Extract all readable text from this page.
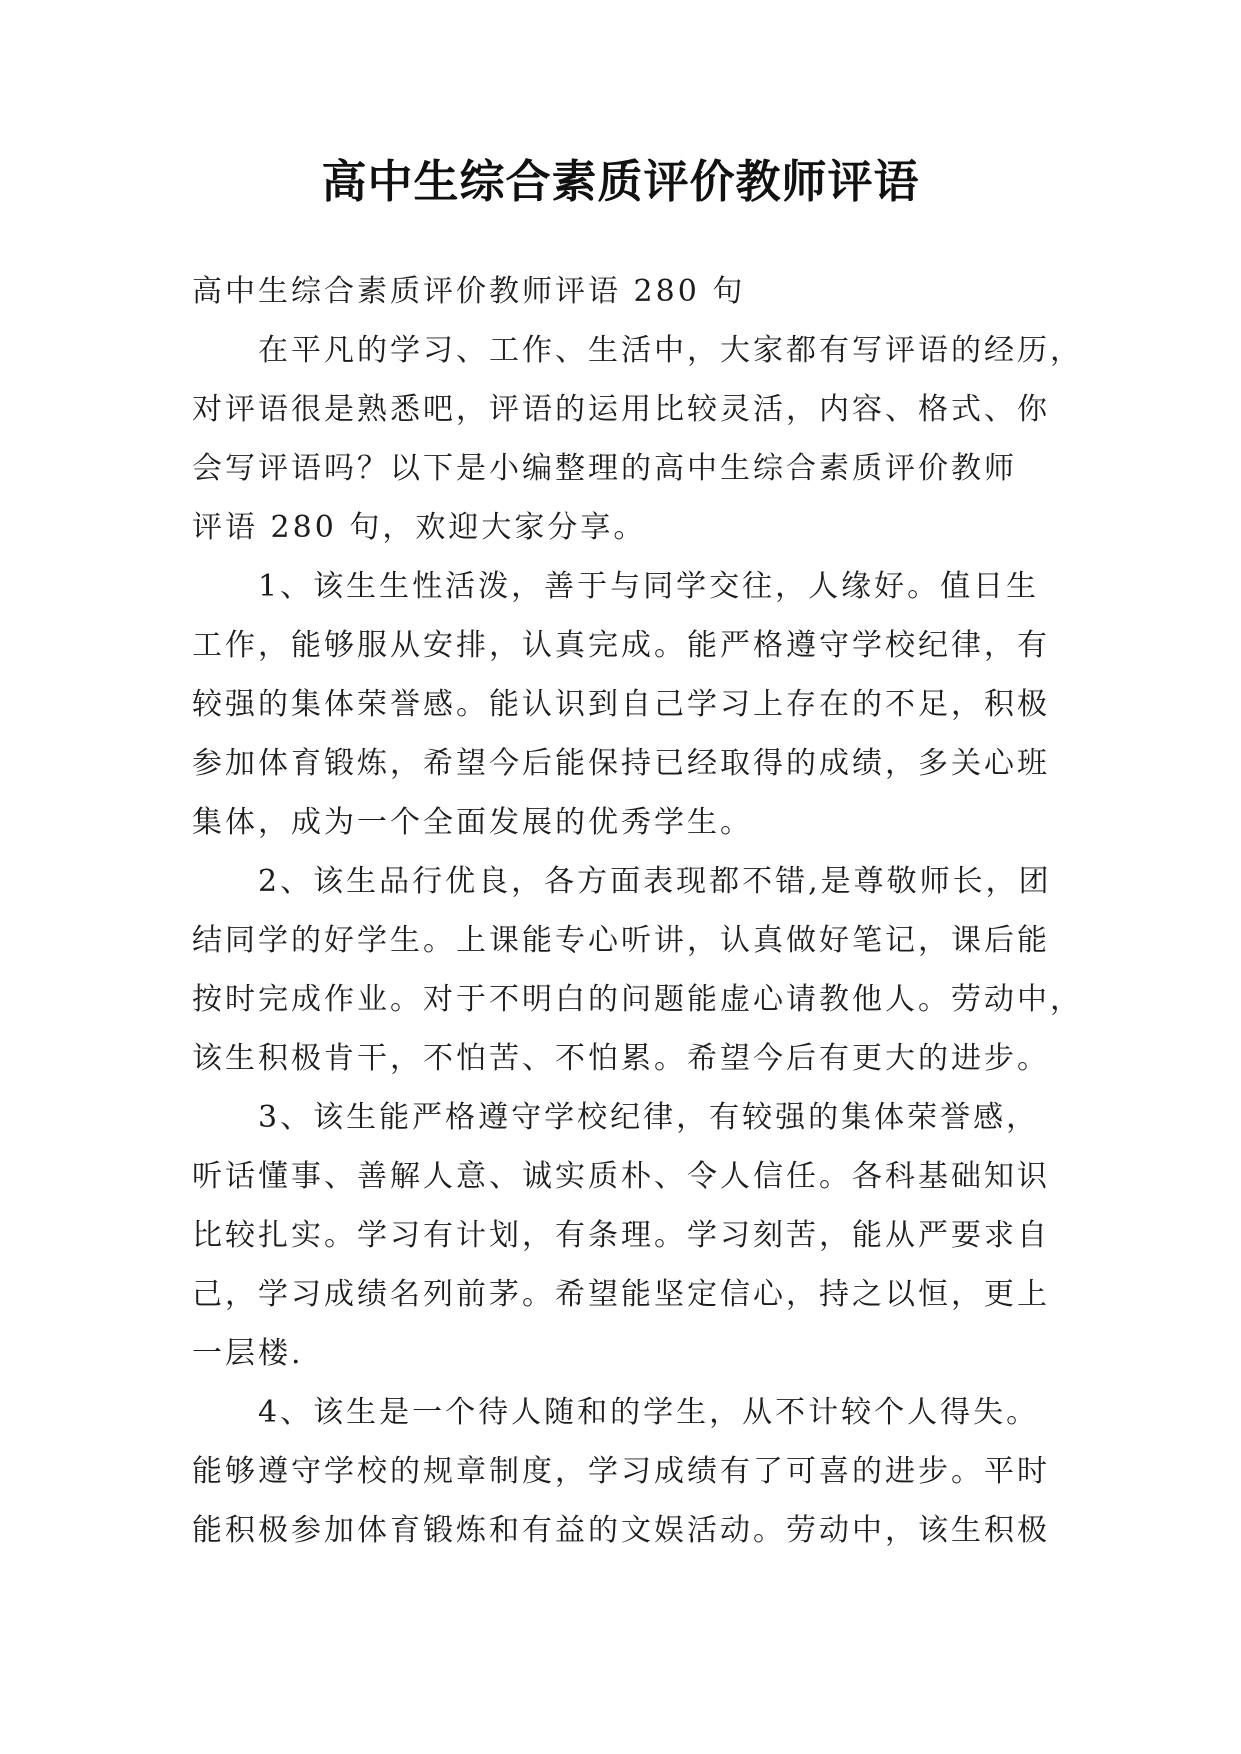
高中生综合素质评价教师评语
高中生综合素质评价教师评语 280 句
在平凡的学习、工作、生活中，大家都有写评语的经历，
对评语很是熟悉吧，评语的运用比较灵活，内容、格式、你
会写评语吗？以下是小编整理的高中生综合素质评价教师
评语 280 句，欢迎大家分享。
1、该生生性活泼，善于与同学交往，人缘好。值日生
工作，能够服从安排，认真完成。能严格遵守学校纪律，有
较强的集体荣誉感。能认识到自己学习上存在的不足，积极
参加体育锻炼，希望今后能保持已经取得的成绩，多关心班
集体，成为一个全面发展的优秀学生。
2、该生品行优良，各方面表现都不错,是尊敬师长，团
结同学的好学生。上课能专心听讲，认真做好笔记，课后能
按时完成作业。对于不明白的问题能虚心请教他人。劳动中，
该生积极肯干，不怕苦、不怕累。希望今后有更大的进步。
3、该生能严格遵守学校纪律，有较强的集体荣誉感，
听话懂事、善解人意、诚实质朴、令人信任。各科基础知识
比较扎实。学习有计划，有条理。学习刻苦，能从严要求自
己，学习成绩名列前茅。希望能坚定信心，持之以恒，更上
一层楼.
4、该生是一个待人随和的学生，从不计较个人得失。
能够遵守学校的规章制度，学习成绩有了可喜的进步。平时
能积极参加体育锻炼和有益的文娱活动。劳动中，该生积极
